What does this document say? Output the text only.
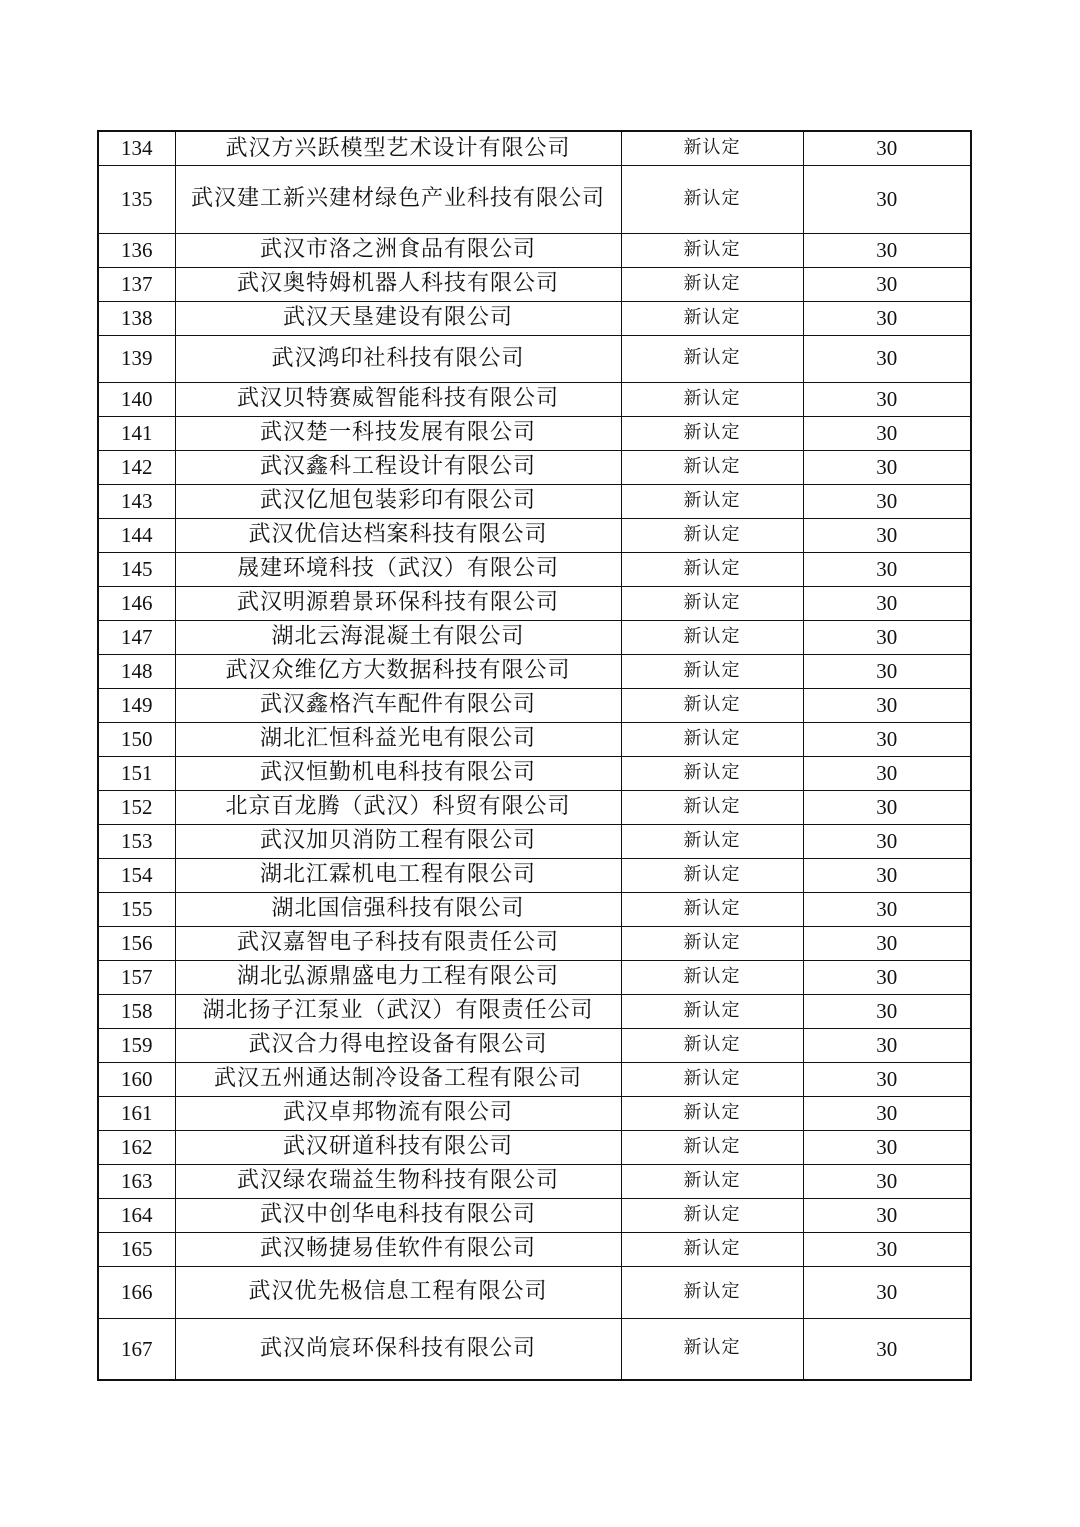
134	武汉方兴跃模型艺术设计有限公司	新认定	30
135	武汉建工新兴建材绿色产业科技有限公司	新认定	30
136	武汉市洛之洲食品有限公司	新认定	30
137	武汉奥特姆机器人科技有限公司	新认定	30
138	武汉天垦建设有限公司	新认定	30
139	武汉鸿印社科技有限公司	新认定	30
140	武汉贝特赛威智能科技有限公司	新认定	30
141	武汉楚一科技发展有限公司	新认定	30
142	武汉鑫科工程设计有限公司	新认定	30
143	武汉亿旭包装彩印有限公司	新认定	30
144	武汉优信达档案科技有限公司	新认定	30
145	晟建环境科技（武汉）有限公司	新认定	30
146	武汉明源碧景环保科技有限公司	新认定	30
147	湖北云海混凝土有限公司	新认定	30
148	武汉众维亿方大数据科技有限公司	新认定	30
149	武汉鑫格汽车配件有限公司	新认定	30
150	湖北汇恒科益光电有限公司	新认定	30
151	武汉恒勤机电科技有限公司	新认定	30
152	北京百龙腾（武汉）科贸有限公司	新认定	30
153	武汉加贝消防工程有限公司	新认定	30
154	湖北江霖机电工程有限公司	新认定	30
155	湖北国信强科技有限公司	新认定	30
156	武汉嘉智电子科技有限责任公司	新认定	30
157	湖北弘源鼎盛电力工程有限公司	新认定	30
158	湖北扬子江泵业（武汉）有限责任公司	新认定	30
159	武汉合力得电控设备有限公司	新认定	30
160	武汉五州通达制冷设备工程有限公司	新认定	30
161	武汉卓邦物流有限公司	新认定	30
162	武汉研道科技有限公司	新认定	30
163	武汉绿农瑞益生物科技有限公司	新认定	30
164	武汉中创华电科技有限公司	新认定	30
165	武汉畅捷易佳软件有限公司	新认定	30
166	武汉优先极信息工程有限公司	新认定	30
167	武汉尚宸环保科技有限公司	新认定	30
